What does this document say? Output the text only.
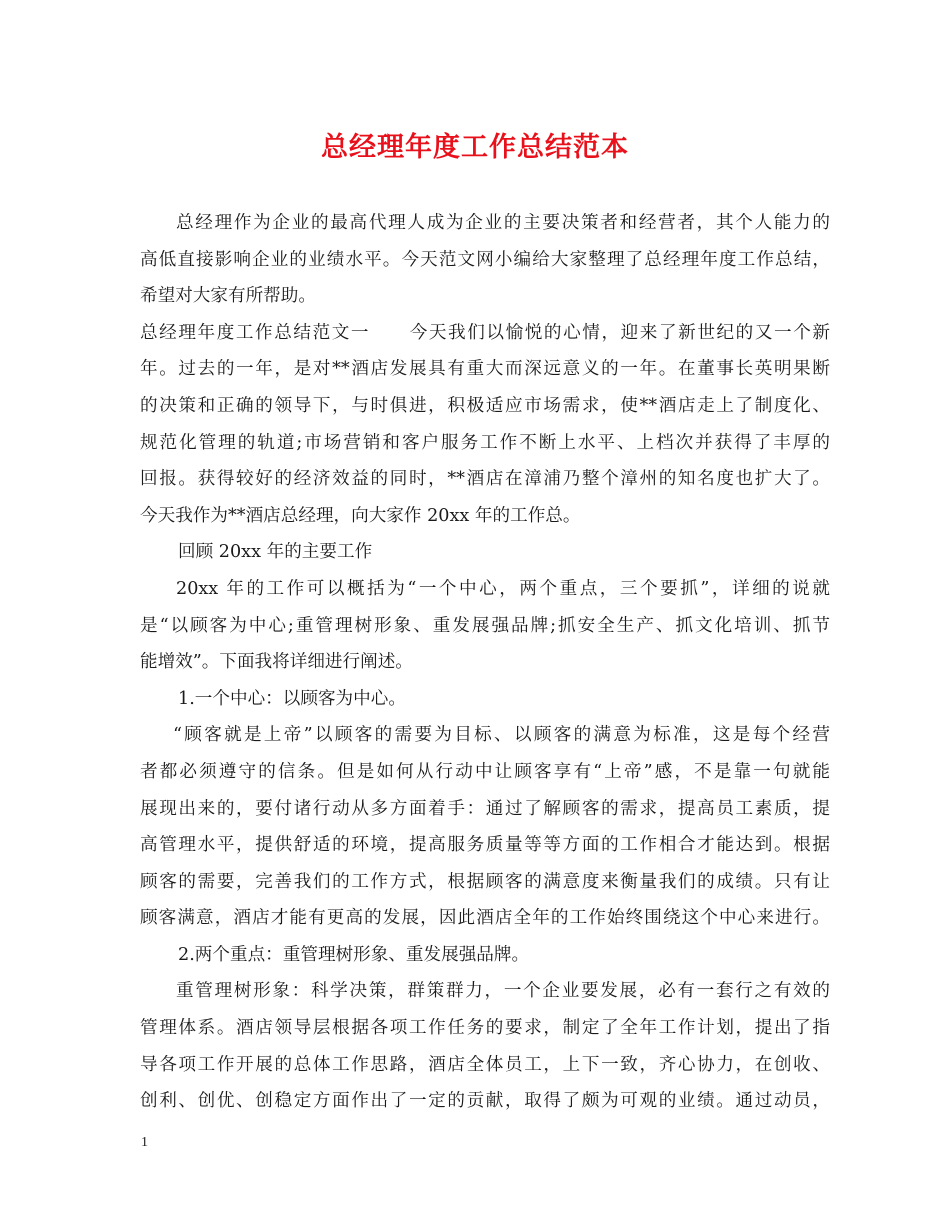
总经理年度工作总结范本
总经理作为企业的最高代理人成为企业的主要决策者和经营者，其个人能力的
高低直接影响企业的业绩水平。今天范文网小编给大家整理了总经理年度工作总结，
希望对大家有所帮助。
总经理年度工作总结范文一 今天我们以愉悦的心情，迎来了新世纪的又一个新
年。过去的一年，是对**酒店发展具有重大而深远意义的一年。在董事长英明果断
的决策和正确的领导下，与时俱进，积极适应市场需求，使**酒店走上了制度化、
规范化管理的轨道;市场营销和客户服务工作不断上水平、上档次并获得了丰厚的
回报。获得较好的经济效益的同时，**酒店在漳浦乃整个漳州的知名度也扩大了。
今天我作为**酒店总经理，向大家作 20xx 年的工作总。
回顾 20xx 年的主要工作
20xx 年的工作可以概括为“一个中心，两个重点，三个要抓”，详细的说就
是“以顾客为中心;重管理树形象、重发展强品牌;抓安全生产、抓文化培训、抓节
能增效”。下面我将详细进行阐述。
1.一个中心：以顾客为中心。
“顾客就是上帝”以顾客的需要为目标、以顾客的满意为标准，这是每个经营
者都必须遵守的信条。但是如何从行动中让顾客享有“上帝”感，不是靠一句就能
展现出来的，要付诸行动从多方面着手：通过了解顾客的需求，提高员工素质，提
高管理水平，提供舒适的环境，提高服务质量等等方面的工作相合才能达到。根据
顾客的需要，完善我们的工作方式，根据顾客的满意度来衡量我们的成绩。只有让
顾客满意，酒店才能有更高的发展，因此酒店全年的工作始终围绕这个中心来进行。
2.两个重点：重管理树形象、重发展强品牌。
重管理树形象：科学决策，群策群力，一个企业要发展，必有一套行之有效的
管理体系。酒店领导层根据各项工作任务的要求，制定了全年工作计划，提出了指
导各项工作开展的总体工作思路，酒店全体员工，上下一致，齐心协力，在创收、
创利、创优、创稳定方面作出了一定的贡献，取得了颇为可观的业绩。通过动员，
1
